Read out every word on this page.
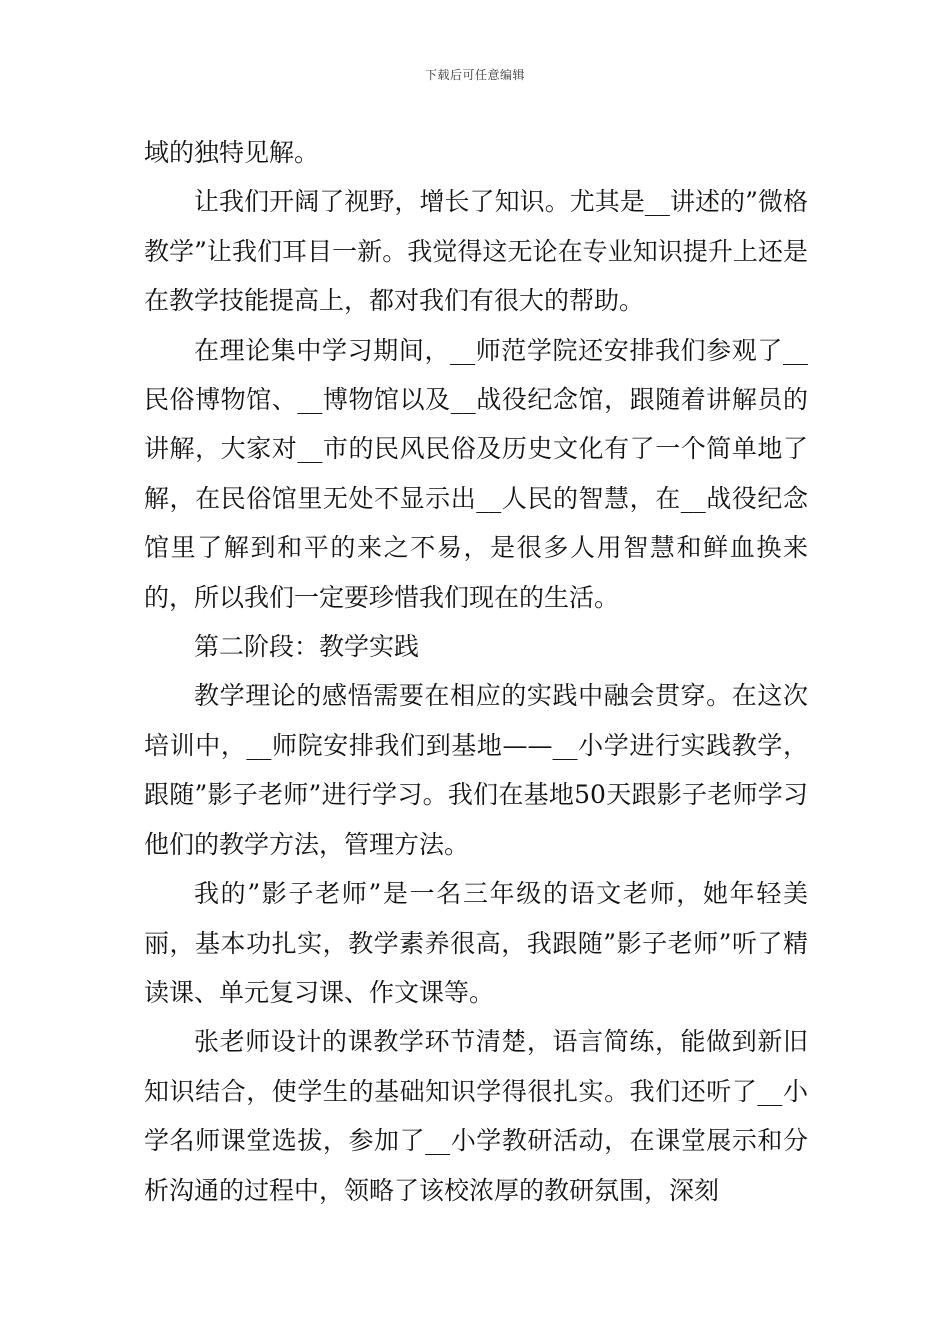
下载后可任意编辑

域的独特见解。

让我们开阔了视野，增长了知识。尤其是__讲述的”微格教学”让我们耳目一新。我觉得这无论在专业知识提升上还是在教学技能提高上，都对我们有很大的帮助。

在理论集中学习期间，__师范学院还安排我们参观了__民俗博物馆、__博物馆以及__战役纪念馆，跟随着讲解员的讲解，大家对__市的民风民俗及历史文化有了一个简单地了解，在民俗馆里无处不显示出__人民的智慧，在__战役纪念馆里了解到和平的来之不易，是很多人用智慧和鲜血换来的，所以我们一定要珍惜我们现在的生活。

第二阶段：教学实践

教学理论的感悟需要在相应的实践中融会贯穿。在这次培训中，__师院安排我们到基地——__小学进行实践教学，跟随”影子老师”进行学习。我们在基地50天跟影子老师学习他们的教学方法，管理方法。

我的”影子老师”是一名三年级的语文老师，她年轻美丽，基本功扎实，教学素养很高，我跟随”影子老师”听了精读课、单元复习课、作文课等。

张老师设计的课教学环节清楚，语言简练，能做到新旧知识结合，使学生的基础知识学得很扎实。我们还听了__小学名师课堂选拔，参加了__小学教研活动，在课堂展示和分析沟通的过程中，领略了该校浓厚的教研氛围，深刻
